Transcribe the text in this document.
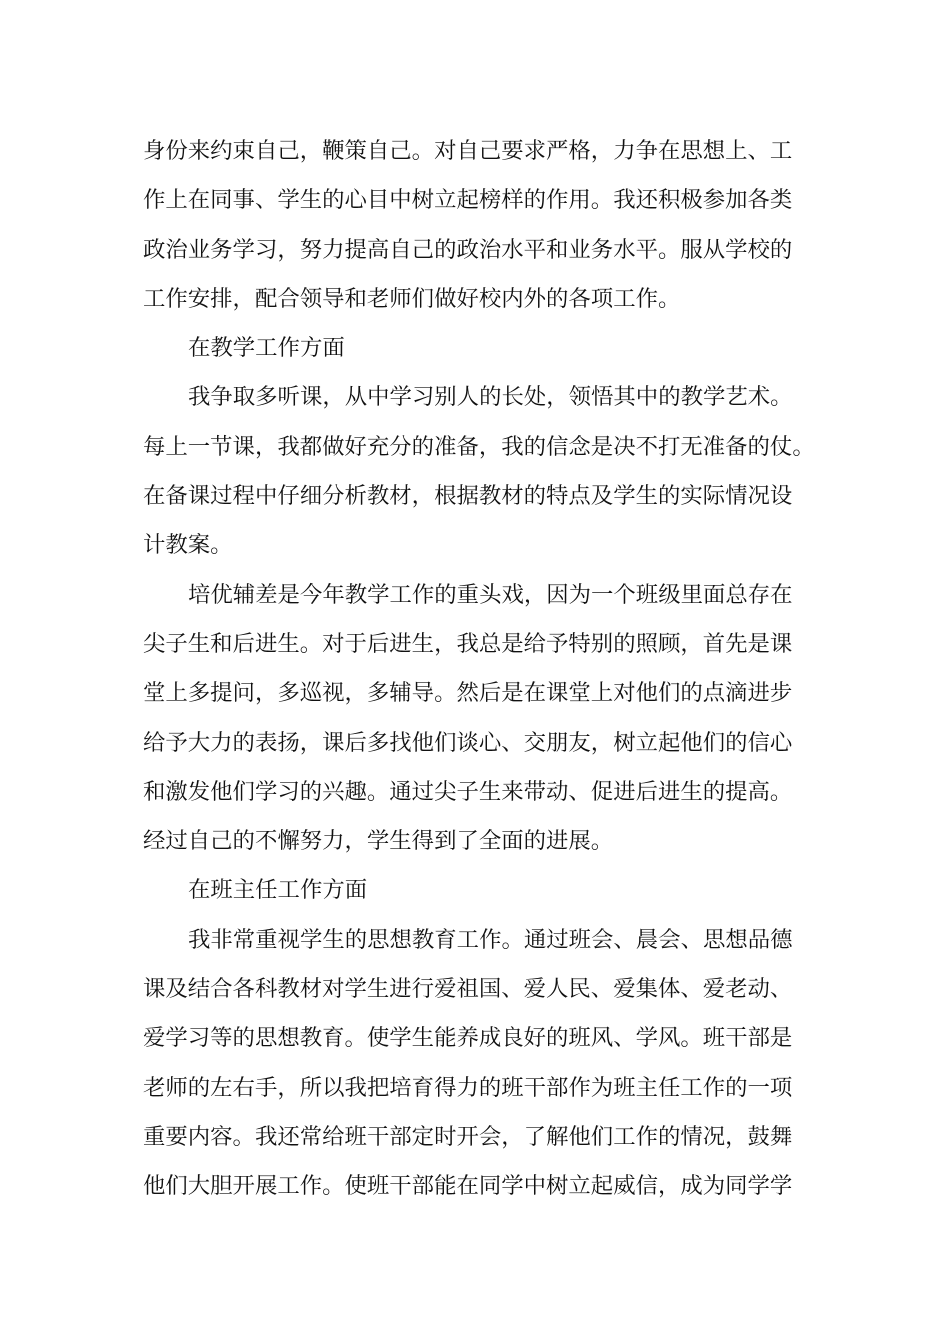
身份来约束自己，鞭策自己。对自己要求严格，力争在思想上、工
作上在同事、学生的心目中树立起榜样的作用。我还积极参加各类
政治业务学习，努力提高自己的政治水平和业务水平。服从学校的
工作安排，配合领导和老师们做好校内外的各项工作。
在教学工作方面
我争取多听课，从中学习别人的长处，领悟其中的教学艺术。
每上一节课，我都做好充分的准备，我的信念是决不打无准备的仗。
在备课过程中仔细分析教材，根据教材的特点及学生的实际情况设
计教案。
培优辅差是今年教学工作的重头戏，因为一个班级里面总存在
尖子生和后进生。对于后进生，我总是给予特别的照顾，首先是课
堂上多提问，多巡视，多辅导。然后是在课堂上对他们的点滴进步
给予大力的表扬，课后多找他们谈心、交朋友，树立起他们的信心
和激发他们学习的兴趣。通过尖子生来带动、促进后进生的提高。
经过自己的不懈努力，学生得到了全面的进展。
在班主任工作方面
我非常重视学生的思想教育工作。通过班会、晨会、思想品德
课及结合各科教材对学生进行爱祖国、爱人民、爱集体、爱老动、
爱学习等的思想教育。使学生能养成良好的班风、学风。班干部是
老师的左右手，所以我把培育得力的班干部作为班主任工作的一项
重要内容。我还常给班干部定时开会，了解他们工作的情况，鼓舞
他们大胆开展工作。使班干部能在同学中树立起威信，成为同学学
